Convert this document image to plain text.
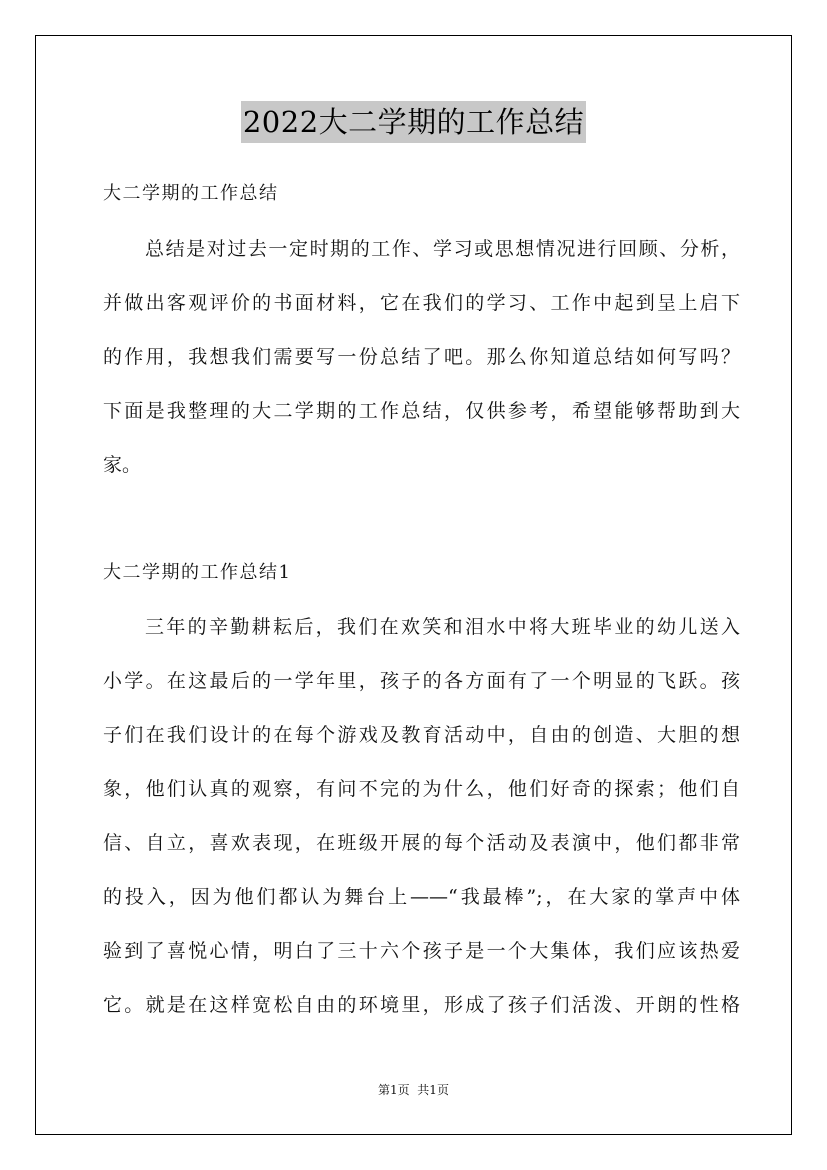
2022大二学期的工作总结
大二学期的工作总结
总结是对过去一定时期的工作、学习或思想情况进行回顾、分析，
并做出客观评价的书面材料，它在我们的学习、工作中起到呈上启下
的作用，我想我们需要写一份总结了吧。那么你知道总结如何写吗？
下面是我整理的大二学期的工作总结，仅供参考，希望能够帮助到大
家。
大二学期的工作总结1
三年的辛勤耕耘后，我们在欢笑和泪水中将大班毕业的幼儿送入
小学。在这最后的一学年里，孩子的各方面有了一个明显的飞跃。孩
子们在我们设计的在每个游戏及教育活动中，自由的创造、大胆的想
象，他们认真的观察，有问不完的为什么，他们好奇的探索；他们自
信、自立，喜欢表现，在班级开展的每个活动及表演中，他们都非常
的投入，因为他们都认为舞台上——“我最棒”;，在大家的掌声中体
验到了喜悦心情，明白了三十六个孩子是一个大集体，我们应该热爱
它。就是在这样宽松自由的环境里，形成了孩子们活泼、开朗的性格
第1页  共1页
